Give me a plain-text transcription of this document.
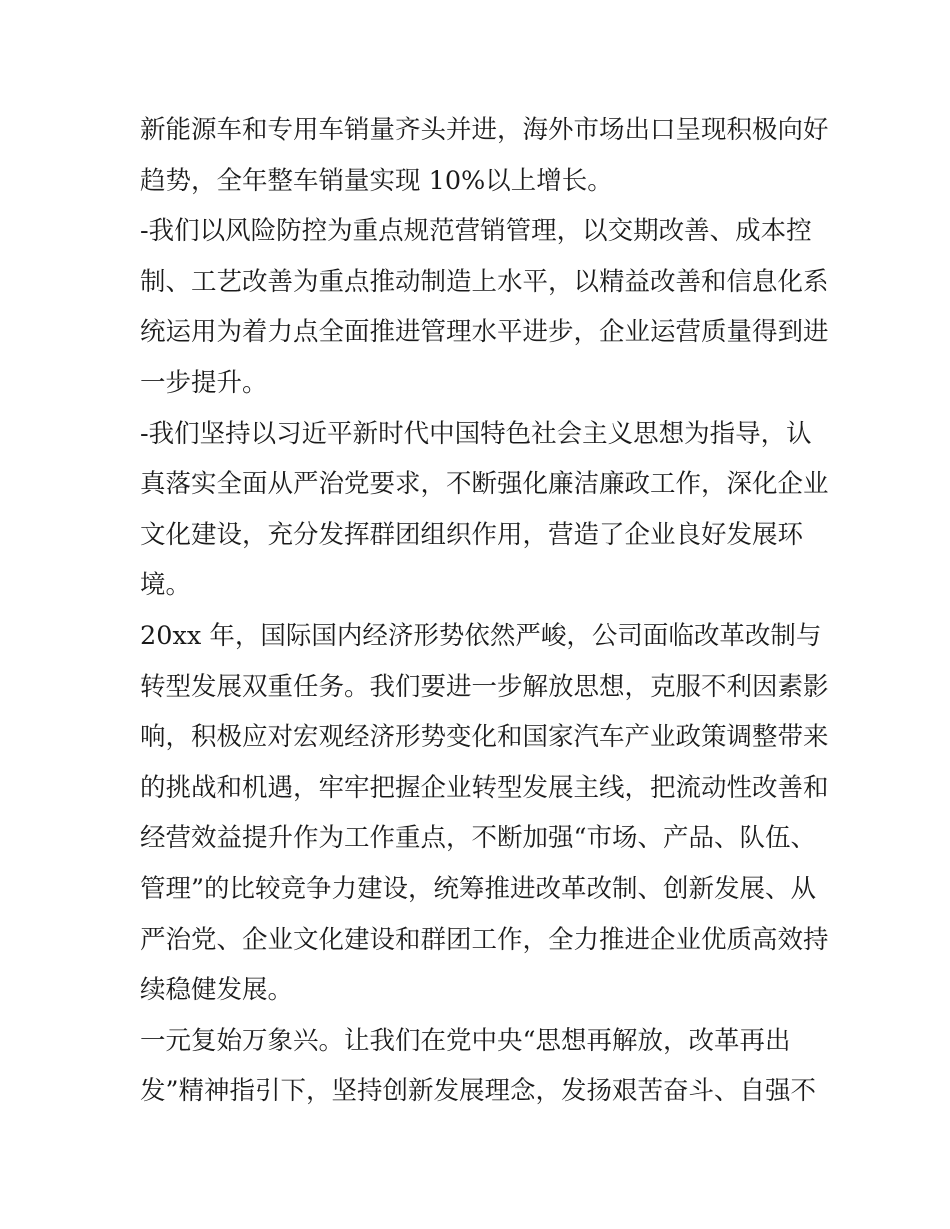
新能源车和专用车销量齐头并进，海外市场出口呈现积极向好
趋势，全年整车销量实现 10%以上增长。
-我们以风险防控为重点规范营销管理，以交期改善、成本控
制、工艺改善为重点推动制造上水平，以精益改善和信息化系
统运用为着力点全面推进管理水平进步，企业运营质量得到进
一步提升。
-我们坚持以习近平新时代中国特色社会主义思想为指导，认
真落实全面从严治党要求，不断强化廉洁廉政工作，深化企业
文化建设，充分发挥群团组织作用，营造了企业良好发展环
境。
20xx 年，国际国内经济形势依然严峻，公司面临改革改制与
转型发展双重任务。我们要进一步解放思想，克服不利因素影
响，积极应对宏观经济形势变化和国家汽车产业政策调整带来
的挑战和机遇，牢牢把握企业转型发展主线，把流动性改善和
经营效益提升作为工作重点，不断加强“市场、产品、队伍、
管理”的比较竞争力建设，统筹推进改革改制、创新发展、从
严治党、企业文化建设和群团工作，全力推进企业优质高效持
续稳健发展。
一元复始万象兴。让我们在党中央“思想再解放，改革再出
发”精神指引下，坚持创新发展理念，发扬艰苦奋斗、自强不
